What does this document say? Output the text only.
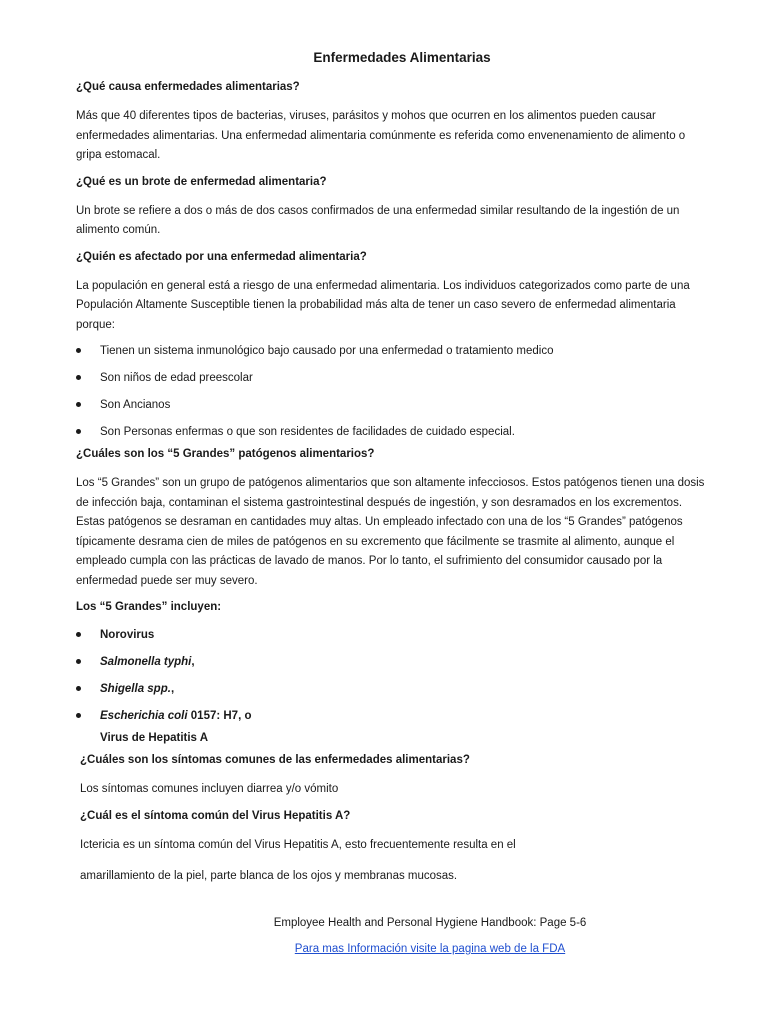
Enfermedades Alimentarias
¿Qué causa enfermedades alimentarias?
Más que 40 diferentes tipos de bacterias, viruses, parásitos y mohos que ocurren en los alimentos pueden causar enfermedades alimentarias. Una enfermedad alimentaria comúnmente es referida como envenenamiento de alimento o gripa estomacal.
¿Qué es un brote de enfermedad alimentaria?
Un brote se refiere a dos o más de dos casos confirmados de una enfermedad similar resultando de la ingestión de un alimento común.
¿Quién es afectado por una enfermedad alimentaria?
La populación en general está a riesgo de una enfermedad alimentaria. Los individuos categorizados como parte de una Populación Altamente Susceptible tienen la probabilidad más alta de tener un caso severo de enfermedad alimentaria porque:
Tienen un sistema inmunológico bajo causado por una enfermedad o tratamiento medico
Son niños de edad preescolar
Son Ancianos
Son Personas enfermas o que son residentes de facilidades de cuidado especial.
¿Cuáles son los “5 Grandes” patógenos alimentarios?
Los “5 Grandes” son un grupo de patógenos alimentarios que son altamente infecciosos. Estos patógenos tienen una dosis de infección baja, contaminan el sistema gastrointestinal después de ingestión, y son desramados en los excrementos. Estas patógenos se desraman en cantidades muy altas. Un empleado infectado con una de los “5 Grandes” patógenos típicamente desrama cien de miles de patógenos en su excremento que fácilmente se trasmite al alimento, aunque el empleado cumpla con las prácticas de lavado de manos. Por lo tanto, el sufrimiento del consumidor causado por la enfermedad puede ser muy severo.
Los “5 Grandes” incluyen:
Norovirus
Salmonella typhi,
Shigella spp.,
Escherichia coli 0157: H7, o
Virus de Hepatitis A
¿Cuáles son los síntomas comunes de las enfermedades alimentarias?
Los síntomas comunes incluyen diarrea y/o vómito
¿Cuál es el síntoma común del Virus Hepatitis A?
Ictericia es un síntoma común del Virus Hepatitis A, esto frecuentemente resulta en el
amarillamiento de la piel, parte blanca de los ojos y membranas mucosas.
Employee Health and Personal Hygiene Handbook: Page 5-6
Para mas Información visite la pagina web de la FDA
